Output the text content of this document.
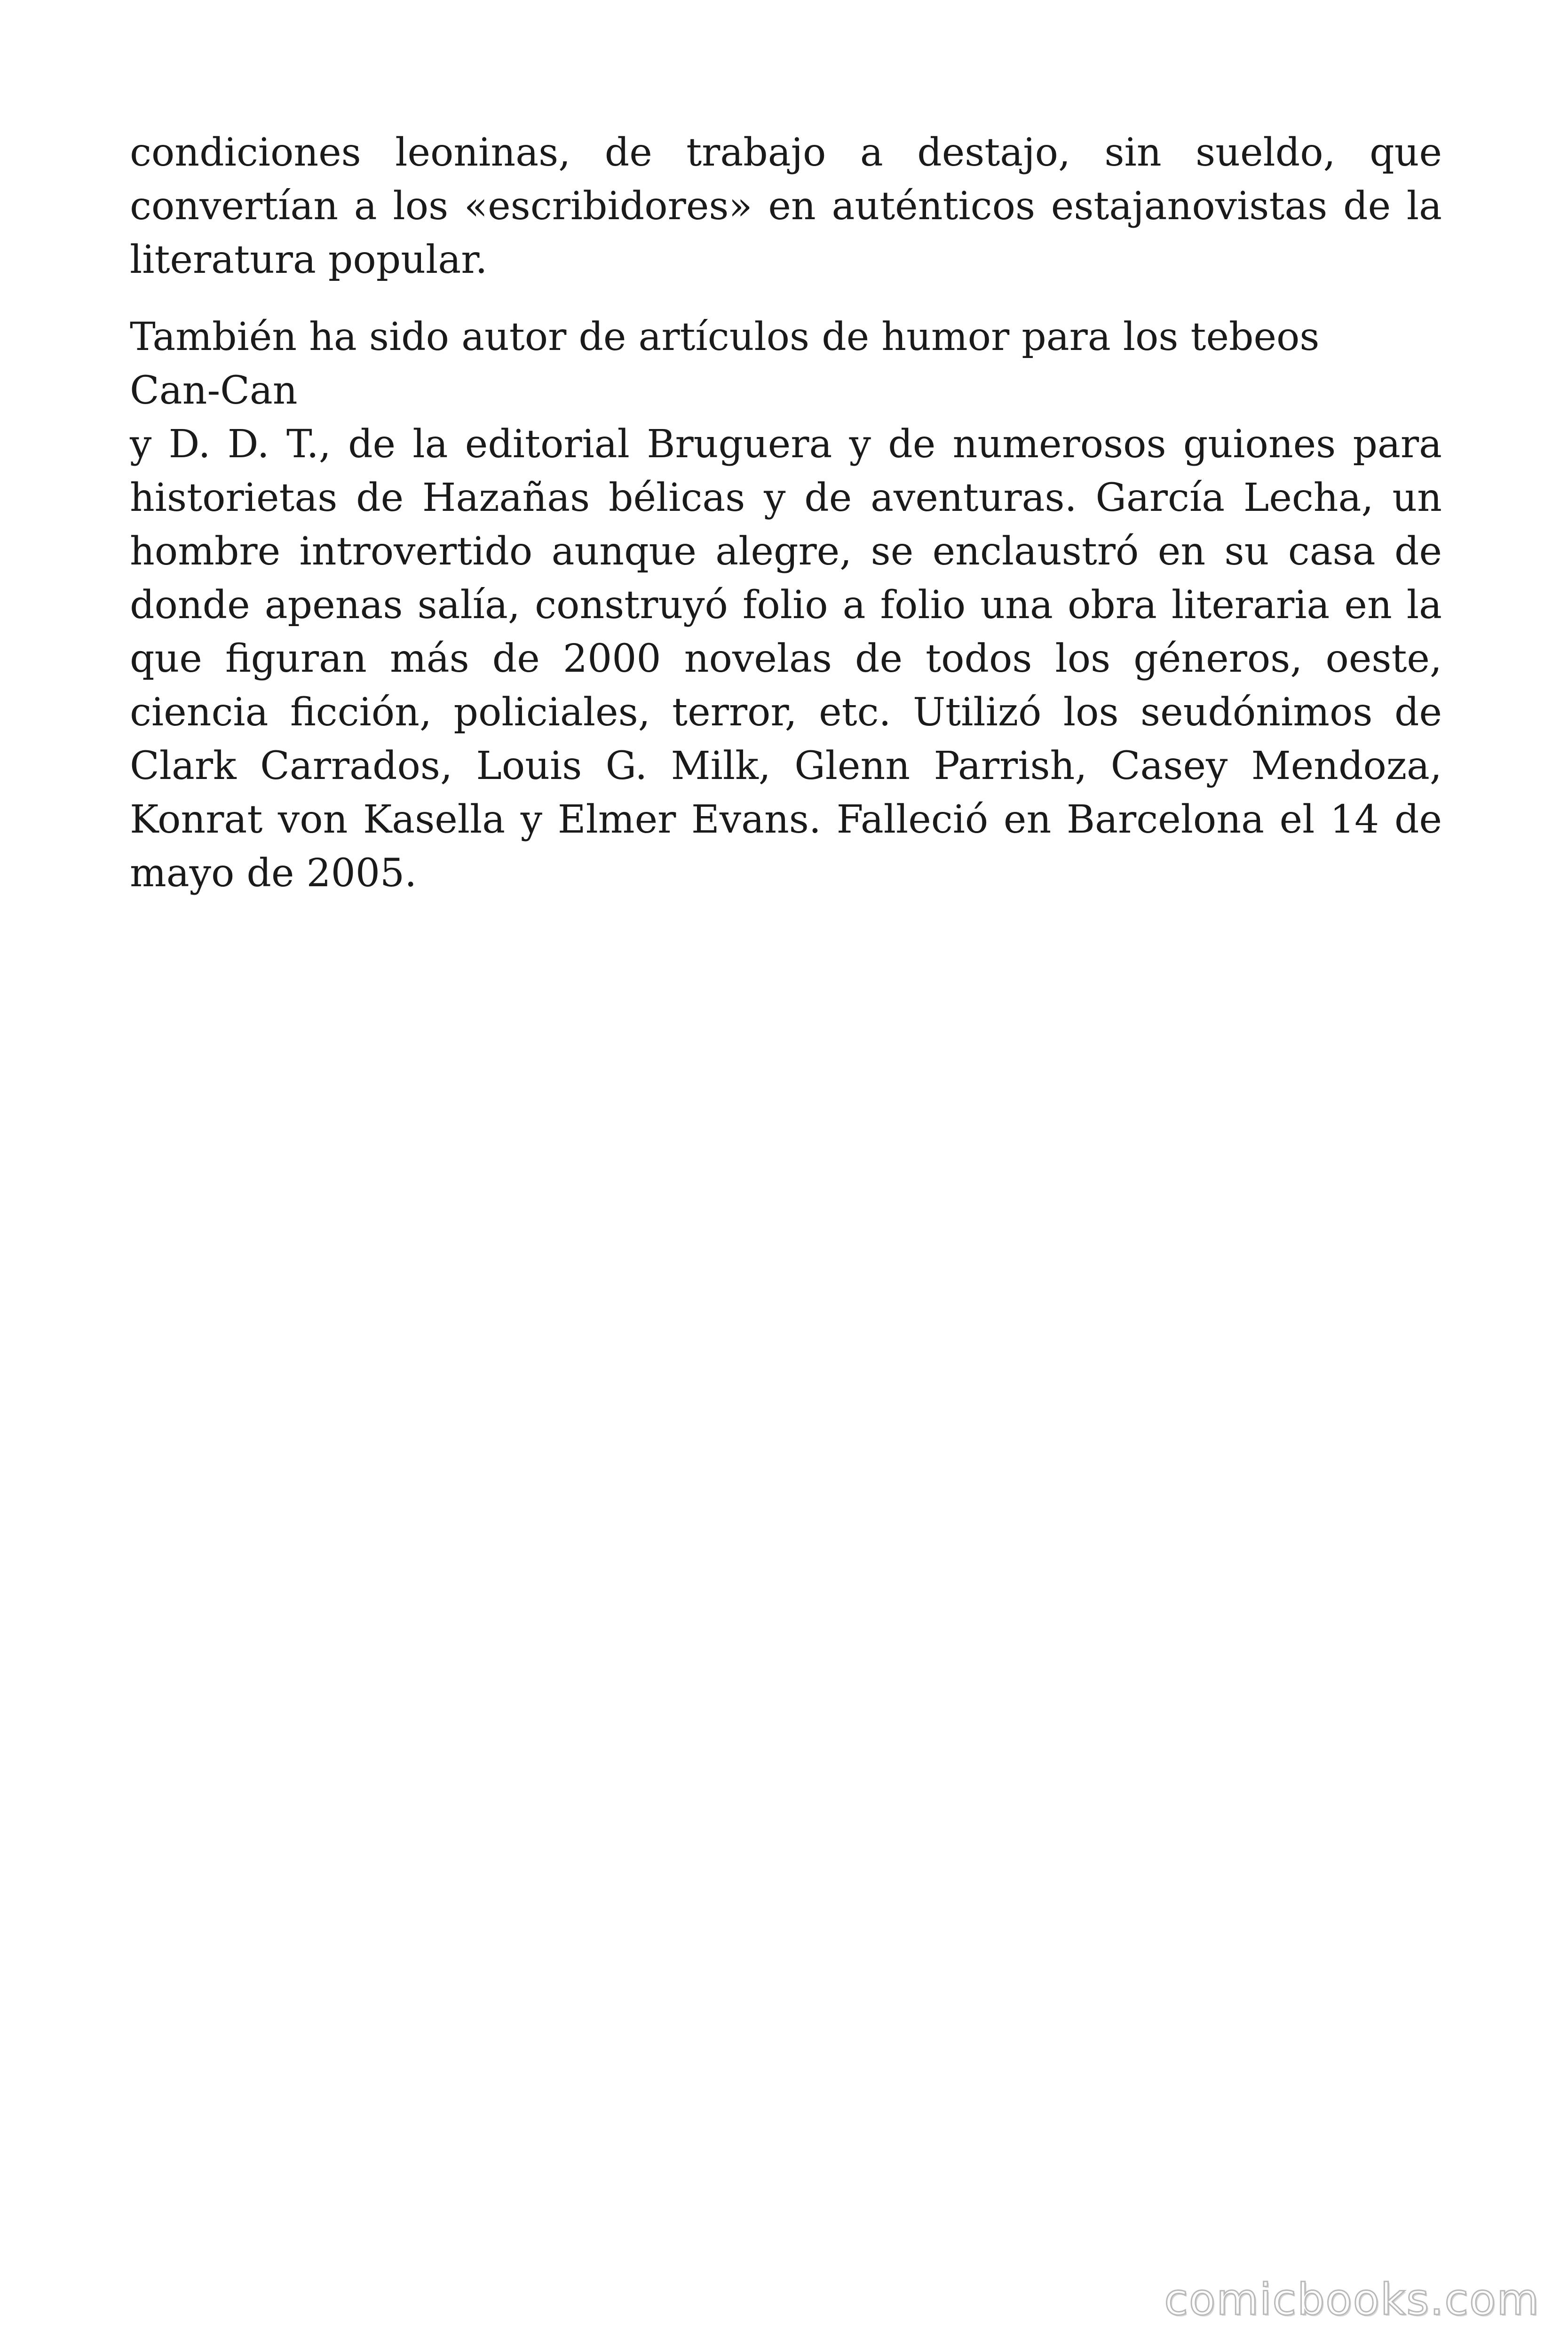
condiciones leoninas, de trabajo a destajo, sin sueldo, que convertían a los «escribidores» en auténticos estajanovistas de la literatura popular.

También ha sido autor de artículos de humor para los tebeos
Can-Can
y D. D. T., de la editorial Bruguera y de numerosos guiones para historietas de Hazañas bélicas y de aventuras. García Lecha, un hombre introvertido aunque alegre, se enclaustró en su casa de donde apenas salía, construyó folio a folio una obra literaria en la que figuran más de 2000 novelas de todos los géneros, oeste, ciencia ficción, policiales, terror, etc. Utilizó los seudónimos de Clark Carrados, Louis G. Milk, Glenn Parrish, Casey Mendoza, Konrat von Kasella y Elmer Evans. Falleció en Barcelona el 14 de mayo de 2005.

comicbooks.com
